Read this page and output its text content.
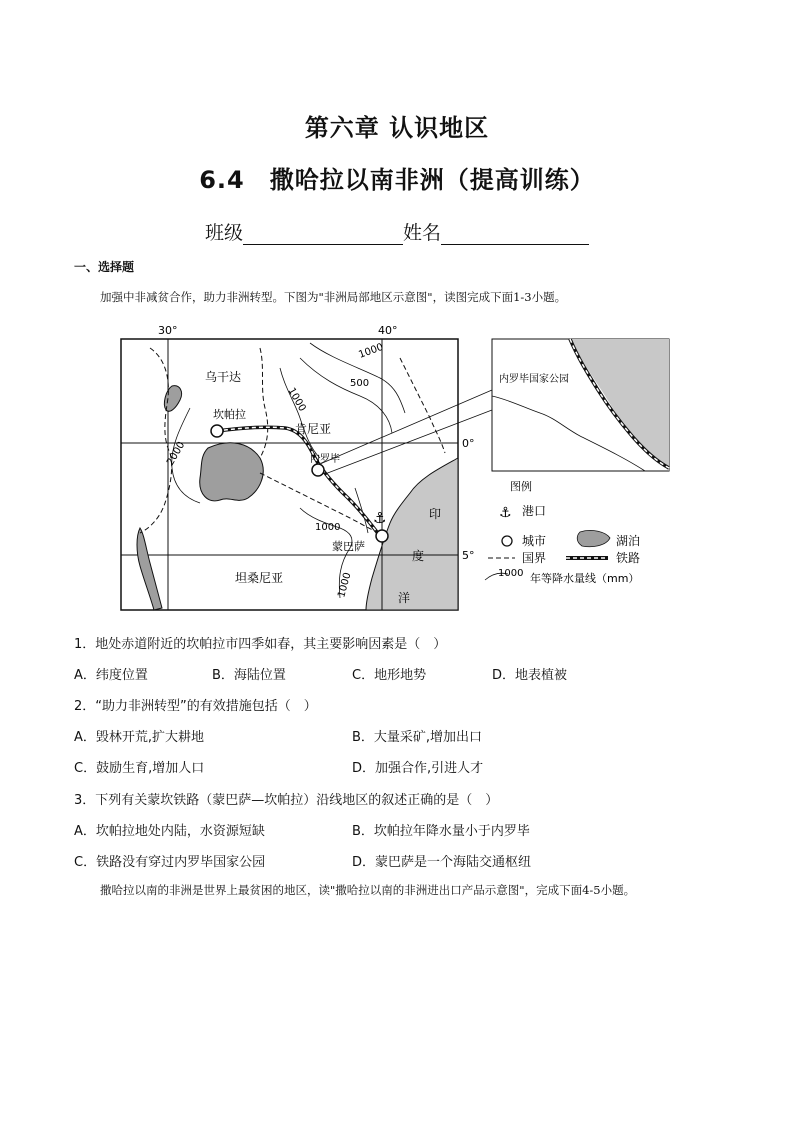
第六章 认识地区
6.4　撒哈拉以南非洲（提高训练）
班级	姓名
一、选择题
加强中非减贫合作，助力非洲转型。下图为"非洲局部地区示意图"，读图完成下面1-3小题。
⚓
30°	40°
0°
5°
乌干达
肯尼亚
坎帕拉
内罗毕
蒙巴萨
坦桑尼亚
印
度
洋
1000
500
1000
2000
1000
1000
内罗毕国家公园
图例
⚓ 港口
城市	湖泊
国界	铁路
1000 年等降水量线（mm）
1．地处赤道附近的坎帕拉市四季如春，其主要影响因素是（　）
A．纬度位置	B．海陆位置	C．地形地势	D．地表植被
2．“助力非洲转型”的有效措施包括（　）
A．毁林开荒,扩大耕地	B．大量采矿,增加出口
C．鼓励生育,增加人口	D．加强合作,引进人才
3．下列有关蒙坎铁路（蒙巴萨—坎帕拉）沿线地区的叙述正确的是（　）
A．坎帕拉地处内陆，水资源短缺	B．坎帕拉年降水量小于内罗毕
C．铁路没有穿过内罗毕国家公园	D．蒙巴萨是一个海陆交通枢纽
撒哈拉以南的非洲是世界上最贫困的地区，读"撒哈拉以南的非洲进出口产品示意图"，完成下面4-5小题。
